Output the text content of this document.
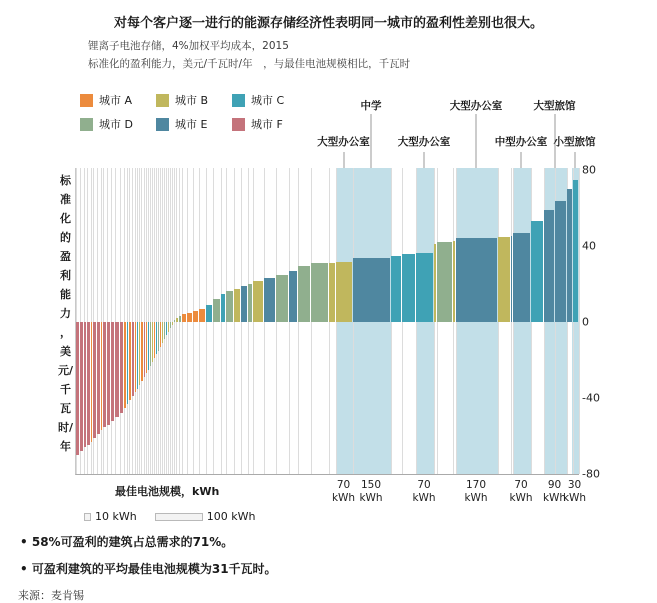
对每个客户逐一进行的能源存储经济性表明同一城市的盈利性差别也很大。
锂离子电池存储，4%加权平均成本，2015
标准化的盈利能力，美元/千瓦时/年　，与最佳电池规模相比，千瓦时
城市 A	城市 B	城市 C
城市 D	城市 E	城市 F
大型办公室
中学
大型办公室
大型办公室
中型办公室
大型旅馆
小型旅馆
标
准
化
的
盈
利
能
力
，
美
元/
千
瓦
时/
年
80
40
0
-40
-80
70
kWh
150
kWh
70
kWh
170
kWh
70
kWh
90
kWh
30
kWh
最佳电池规模，kWh
10 kWh	100 kWh
• 58%可盈利的建筑占总需求的71%。
• 可盈利建筑的平均最佳电池规模为31千瓦时。
来源：麦肯锡
